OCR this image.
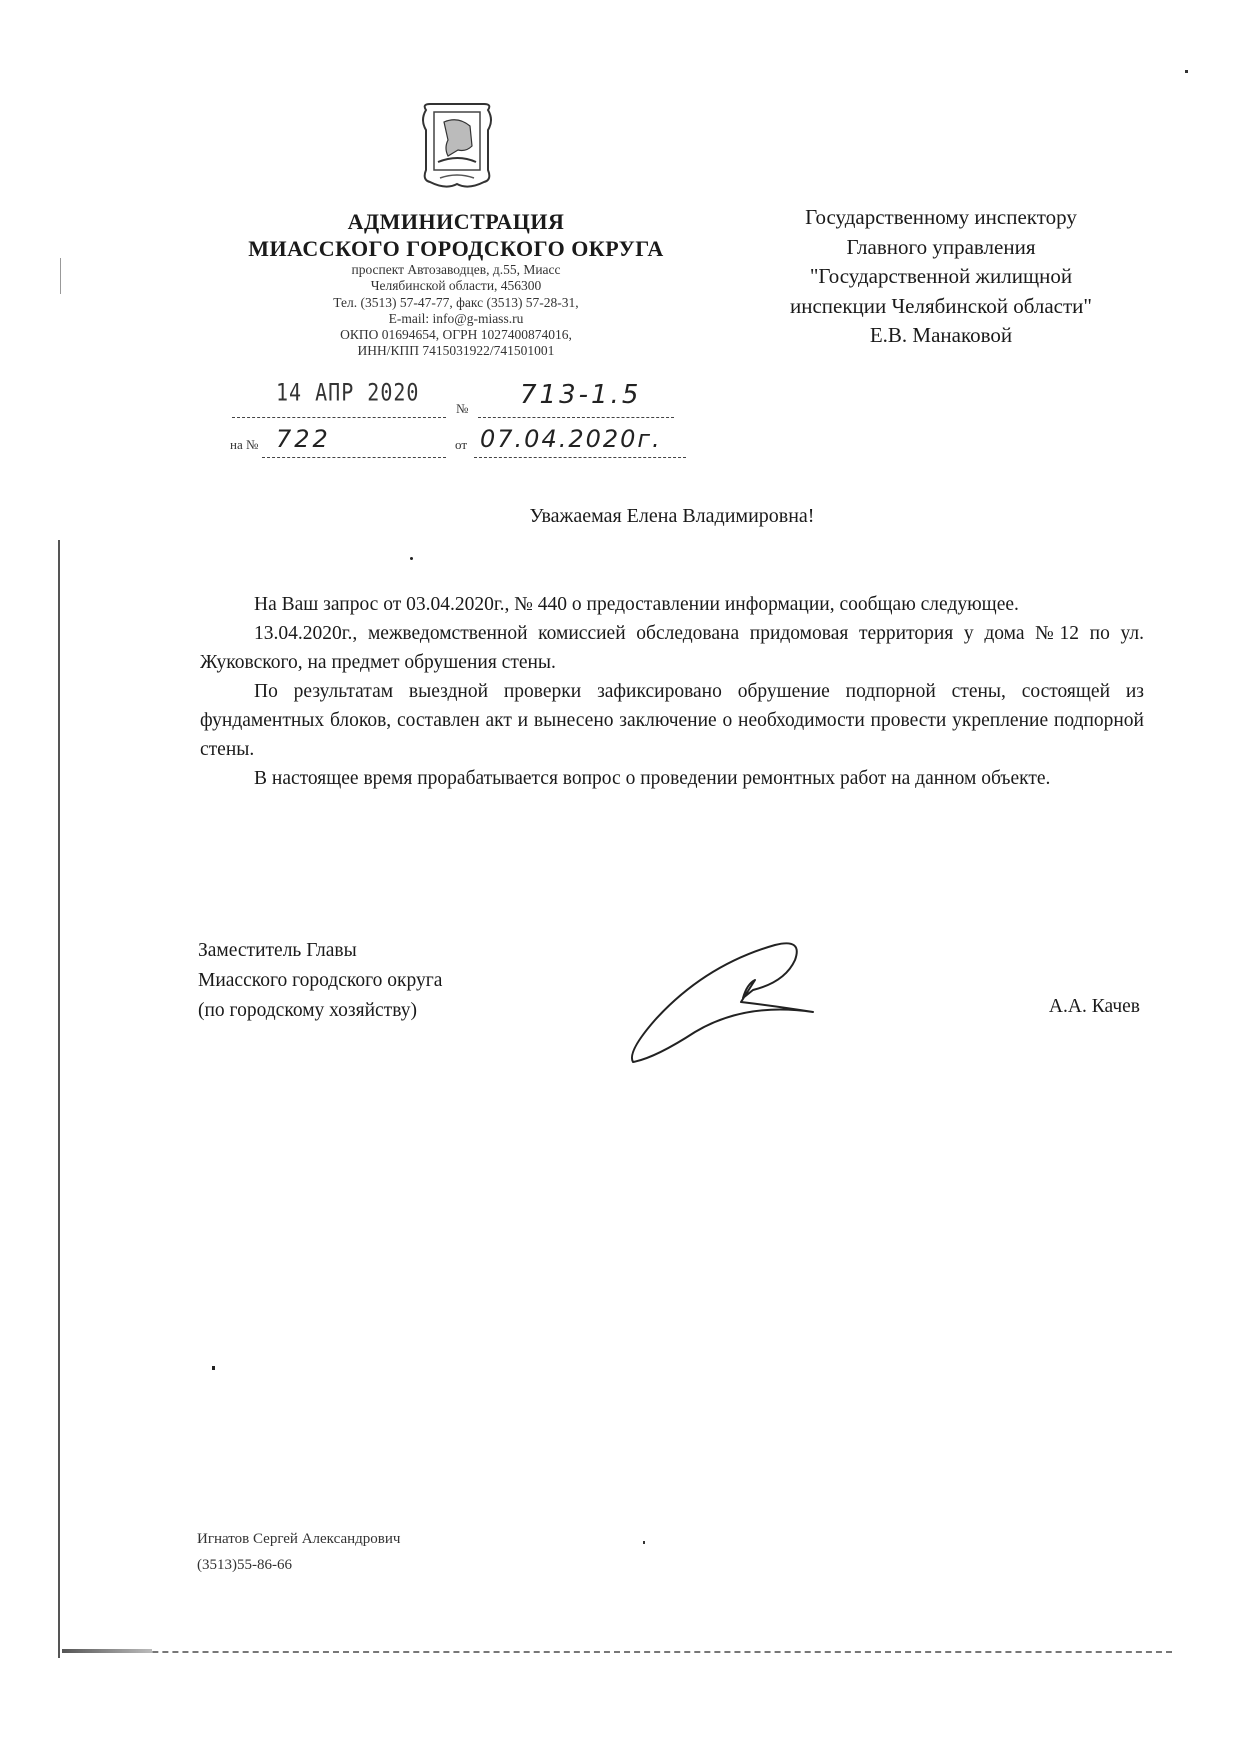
АДМИНИСТРАЦИЯ
МИАССКОГО ГОРОДСКОГО ОКРУГА
проспект Автозаводцев, д.55, Миасс
Челябинской области, 456300
Тел. (3513) 57-47-77, факс (3513) 57-28-31,
E-mail: info@g-miass.ru
ОКПО 01694654, ОГРН 1027400874016,
ИНН/КПП 7415031922/741501001
14 АПР 2020
№ 713-1.5
на № 722	от 07.04.2020г.
Государственному инспектору
Главного управления
"Государственной жилищной
инспекции Челябинской области"
Е.В. Манаковой
Уважаемая Елена Владимировна!

На Ваш запрос от 03.04.2020г., № 440 о предоставлении информации, сообщаю следующее.

13.04.2020г., межведомственной комиссией обследована придомовая территория у дома №12 по ул. Жуковского, на предмет обрушения стены.

По результатам выездной проверки зафиксировано обрушение подпорной стены, состоящей из фундаментных блоков, составлен акт и вынесено заключение о необходимости провести укрепление подпорной стены.

В настоящее время прорабатывается вопрос о проведении ремонтных работ на данном объекте.

Заместитель Главы
Миасского городского округа
(по городскому хозяйству)	А.А. Качев
Игнатов Сергей Александрович
(3513)55-86-66
